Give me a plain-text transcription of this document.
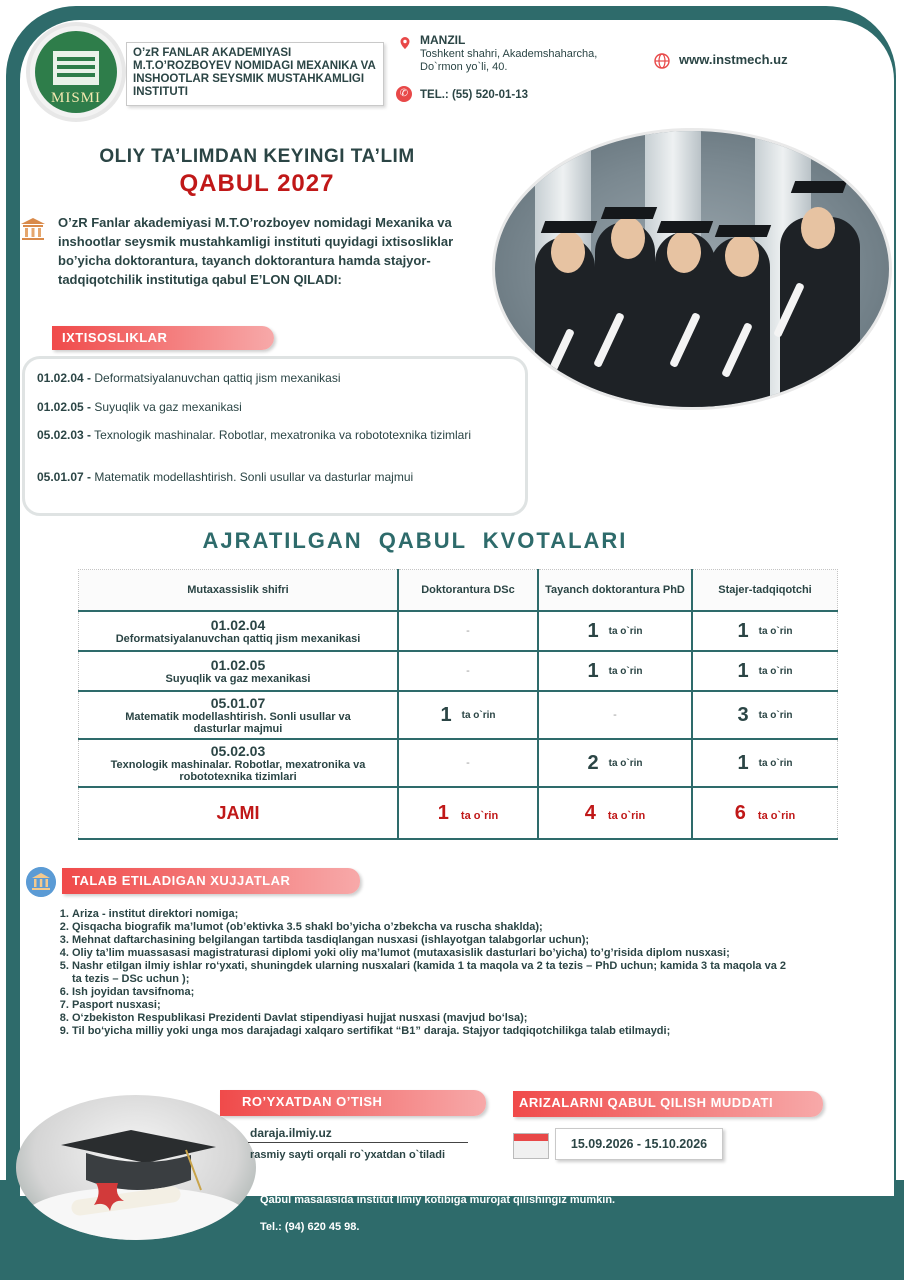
MISMI
O’zR FANLAR AKADEMIYASI M.T.O’ROZBOYEV NOMIDAGI MEXANIKA VA INSHOOTLAR SEYSMIK MUSTAHKAMLIGI INSTITUTI
MANZIL
Toshkent shahri, Akademshaharcha,
Do`rmon yo`li, 40.
✆	TEL.: (55) 520-01-13
www.instmech.uz
OLIY TA’LIMDAN KEYINGI TA’LIM
QABUL 2027
O’zR Fanlar akademiyasi M.T.O’rozboyev nomidagi Mexanika va inshootlar seysmik mustahkamligi instituti quyidagi ixtisosliklar bo’yicha doktorantura, tayanch doktorantura hamda stajyor-tadqiqotchilik institutiga qabul E’LON QILADI:
IXTISOSLIKLAR
01.02.04 - Deformatsiyalanuvchan qattiq jism mexanikasi
01.02.05 - Suyuqlik va gaz mexanikasi
05.02.03 - Texnologik mashinalar. Robotlar, mexatronika va robototexnika tizimlari
05.01.07 - Matematik modellashtirish. Sonli usullar va dasturlar majmui
AJRATILGAN QABUL KVOTALARI
Mutaxassislik shifri	Doktorantura DSc	Tayanch doktorantura PhD	Stajer-tadqiqotchi

01.02.04
Deformatsiyalanuvchan qattiq jism mexanikasi	-	1 ta o`rin	1 ta o`rin

01.02.05
Suyuqlik va gaz mexanikasi	-	1 ta o`rin	1 ta o`rin

05.01.07
Matematik modellashtirish. Sonli usullar va dasturlar majmui	1 ta o`rin	-	3 ta o`rin

05.02.03
Texnologik mashinalar. Robotlar, mexatronika va robototexnika tizimlari	-	2 ta o`rin	1 ta o`rin
JAMI	1 ta o`rin	4 ta o`rin	6 ta o`rin
TALAB ETILADIGAN XUJJATLAR
1. Ariza - institut direktori nomiga;
2. Qisqacha biografik ma’lumot (ob’ektivka 3.5 shakl bo’yicha o’zbekcha va ruscha shaklda);
3. Mehnat daftarchasining belgilangan tartibda tasdiqlangan nusxasi (ishlayotgan talabgorlar uchun);
4. Oliy ta’lim muassasasi magistraturasi diplomi yoki oliy ma’lumot (mutaxasislik dasturlari bo’yicha) to’g’risida diplom nusxasi;
5. Nashr etilgan ilmiy ishlar ro‘yxati, shuningdek ularning nusxalari (kamida 1 ta maqola va 2 ta tezis – PhD uchun; kamida 3 ta maqola va 2 ta tezis – DSc uchun );
6. Ish joyidan tavsifnoma;
7. Pasport nusxasi;
8. O‘zbekiston Respublikasi Prezidenti Davlat stipendiyasi hujjat nusxasi (mavjud bo‘lsa);
9. Til bo‘yicha milliy yoki unga mos darajadagi xalqaro sertifikat “B1” daraja. Stajyor tadqiqotchilikga talab etilmaydi;
RO’YXATDAN O’TISH
daraja.ilmiy.uz
rasmiy sayti orqali ro`yxatdan o`tiladi
ARIZALARNI QABUL QILISH MUDDATI
15.09.2026 - 15.10.2026
Qabul masalasida institut Ilmiy kotibiga murojat qilishingiz mumkin.
Tel.: (94) 620 45 98.
